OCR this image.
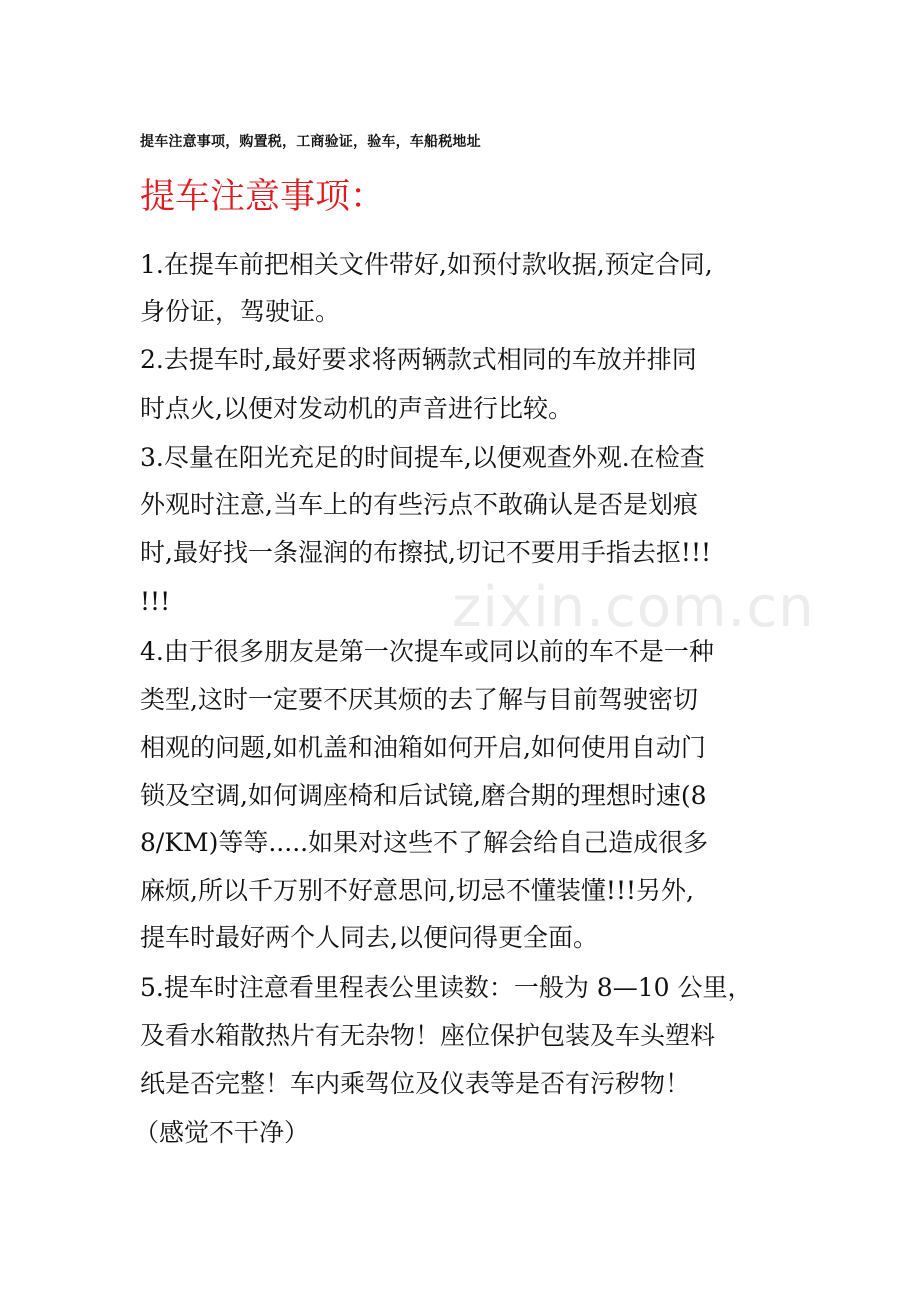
提车注意事项，购置税，工商验证，验车，车船税地址
提车注意事项：
zixin.com.cn
1.在提车前把相关文件带好,如预付款收据,预定合同,
身份证，驾驶证。
2.去提车时,最好要求将两辆款式相同的车放并排同
时点火,以便对发动机的声音进行比较。
3.尽量在阳光充足的时间提车,以便观查外观.在检查
外观时注意,当车上的有些污点不敢确认是否是划痕
时,最好找一条湿润的布擦拭,切记不要用手指去抠!!!
!!!
4.由于很多朋友是第一次提车或同以前的车不是一种
类型,这时一定要不厌其烦的去了解与目前驾驶密切
相观的问题,如机盖和油箱如何开启,如何使用自动门
锁及空调,如何调座椅和后试镜,磨合期的理想时速(8
8/KM)等等.....如果对这些不了解会给自己造成很多
麻烦,所以千万别不好意思问,切忌不懂装懂!!!另外,
提车时最好两个人同去,以便问得更全面。
5.提车时注意看里程表公里读数：一般为 8—10 公里，
及看水箱散热片有无杂物！座位保护包装及车头塑料
纸是否完整！车内乘驾位及仪表等是否有污秽物！
（感觉不干净）
